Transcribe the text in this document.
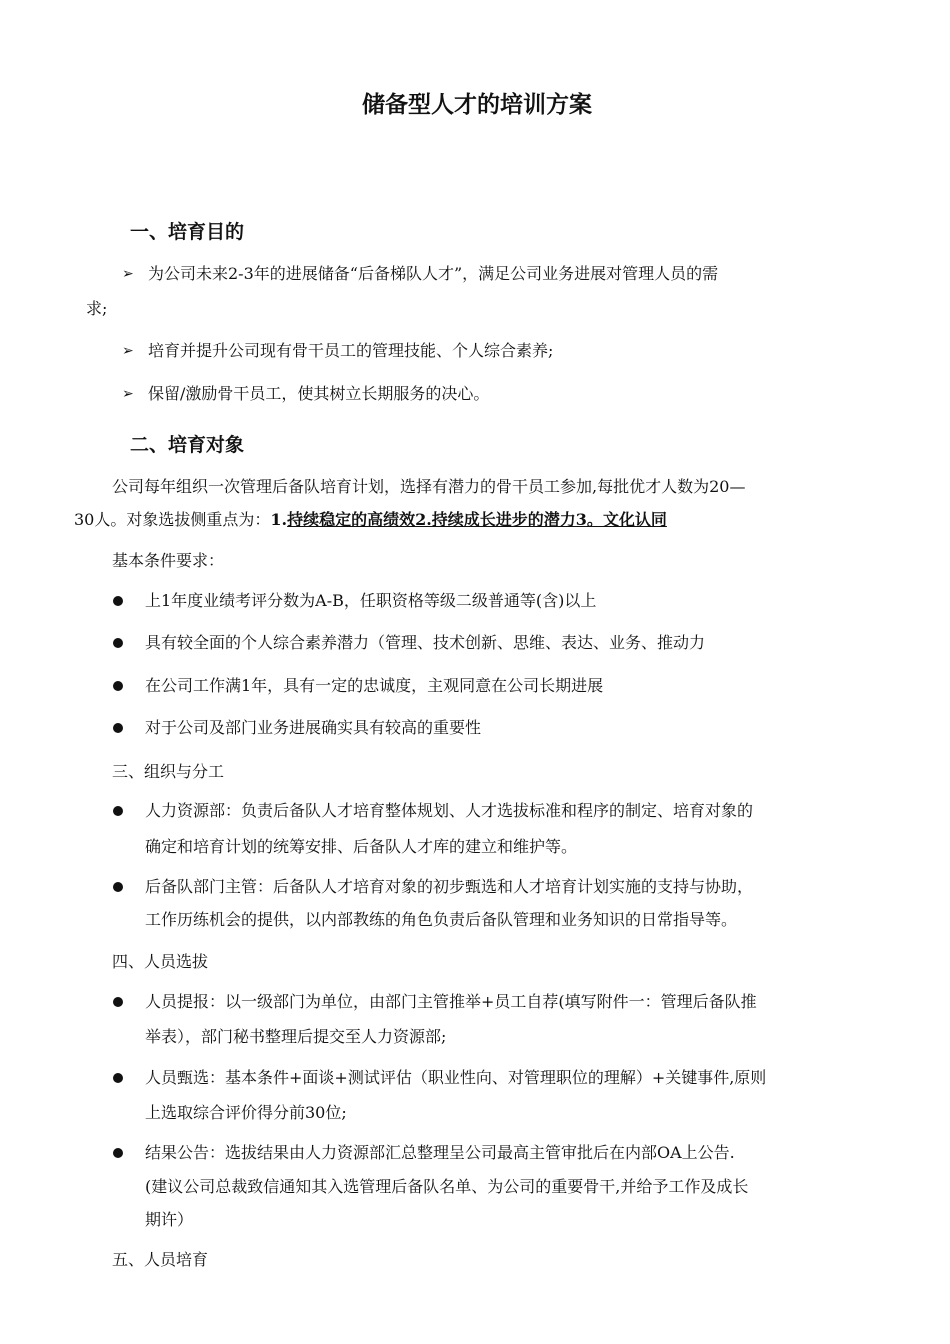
储备型人才的培训方案
一、培育目的
➢ 为公司未来2-3年的进展储备“后备梯队人才”，满足公司业务进展对管理人员的需
求;
➢ 培育并提升公司现有骨干员工的管理技能、个人综合素养;
➢ 保留/激励骨干员工，使其树立长期服务的决心。
二、培育对象
公司每年组织一次管理后备队培育计划，选择有潜力的骨干员工参加,每批优才人数为20—
30人。对象选拔侧重点为：1.持续稳定的高绩效2.持续成长进步的潜力3。文化认同
基本条件要求：
上1年度业绩考评分数为A-B，任职资格等级二级普通等(含)以上
具有较全面的个人综合素养潜力（管理、技术创新、思维、表达、业务、推动力
在公司工作满1年，具有一定的忠诚度，主观同意在公司长期进展
对于公司及部门业务进展确实具有较高的重要性
三、组织与分工
人力资源部：负责后备队人才培育整体规划、人才选拔标准和程序的制定、培育对象的
确定和培育计划的统筹安排、后备队人才库的建立和维护等。
后备队部门主管：后备队人才培育对象的初步甄选和人才培育计划实施的支持与协助，
工作历练机会的提供，以内部教练的角色负责后备队管理和业务知识的日常指导等。
四、人员选拔
人员提报：以一级部门为单位，由部门主管推举+员工自荐(填写附件一：管理后备队推
举表），部门秘书整理后提交至人力资源部;
人员甄选：基本条件+面谈+测试评估（职业性向、对管理职位的理解）+关键事件,原则
上选取综合评价得分前30位;
结果公告：选拔结果由人力资源部汇总整理呈公司最高主管审批后在内部OA上公告.
(建议公司总裁致信通知其入选管理后备队名单、为公司的重要骨干,并给予工作及成长
期许）
五、人员培育
